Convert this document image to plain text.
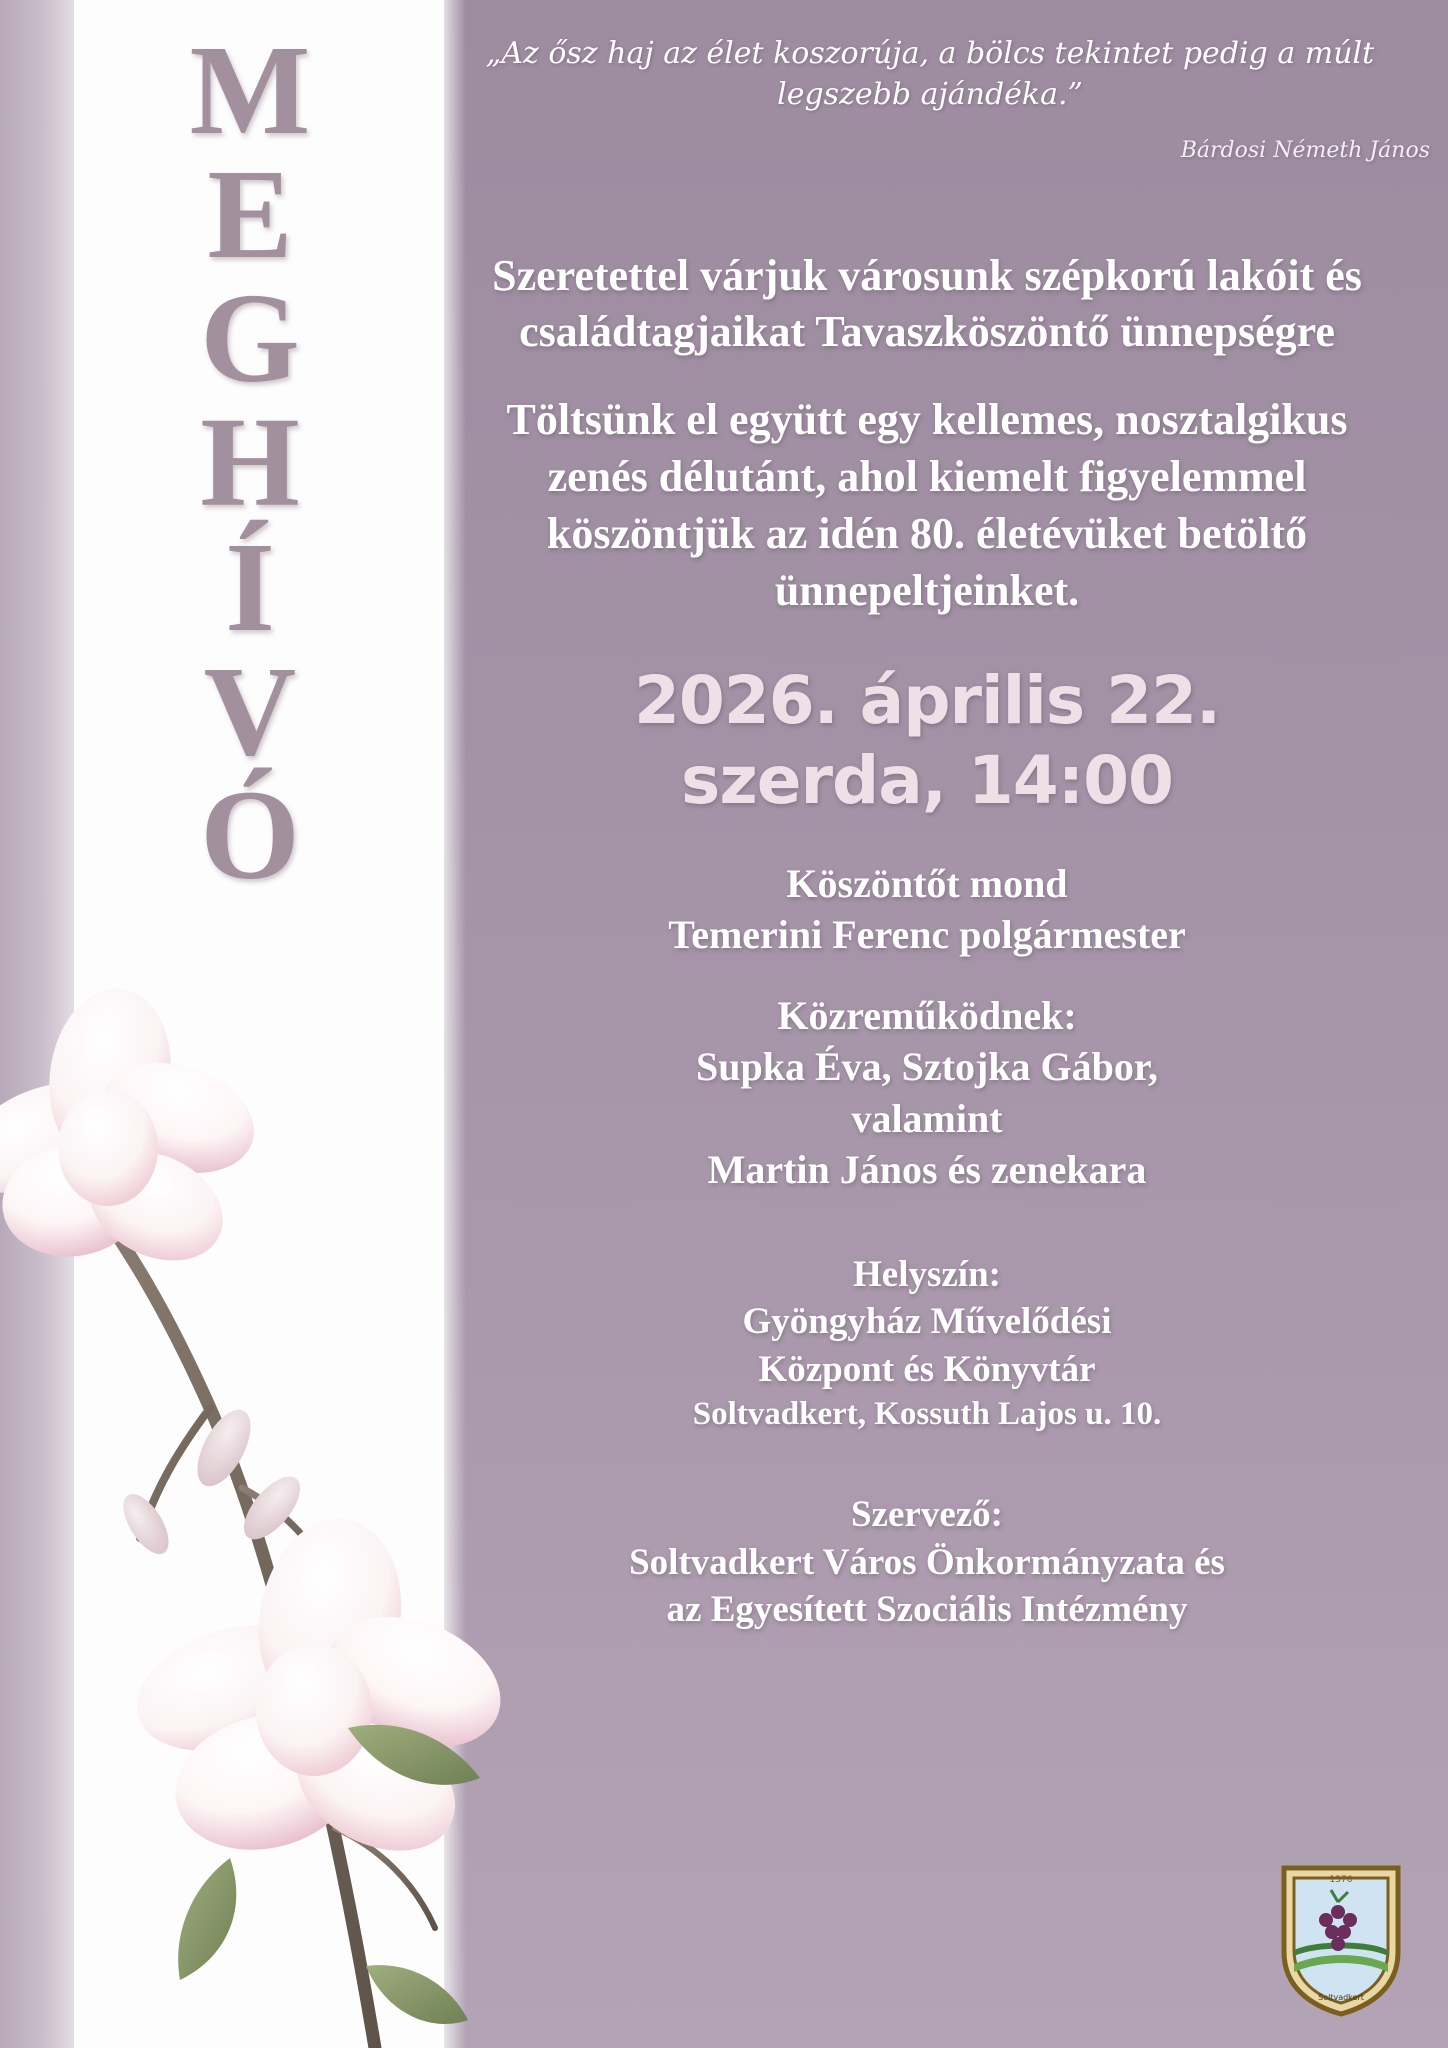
M
E
G
H
Í
V
Ó
„Az ősz haj az élet koszorúja, a bölcs tekintet pedig a múlt legszebb ajándéka.”
Bárdosi Németh János
Szeretettel várjuk városunk szépkorú lakóit és családtagjaikat Tavaszköszöntő ünnepségre
Töltsünk el együtt egy kellemes, nosztalgikus zenés délutánt, ahol kiemelt figyelemmel köszöntjük az idén 80. életévüket betöltő ünnepeltjeinket.
2026. április 22.
szerda, 14:00
Köszöntőt mond
Temerini Ferenc polgármester
Közreműködnek:
Supka Éva, Sztojka Gábor,
valamint
Martin János és zenekara
Helyszín:
Gyöngyház Művelődési
Központ és Könyvtár
Soltvadkert, Kossuth Lajos u. 10.
Szervező:
Soltvadkert Város Önkormányzata és
az Egyesített Szociális Intézmény
1376
Soltvadkert
